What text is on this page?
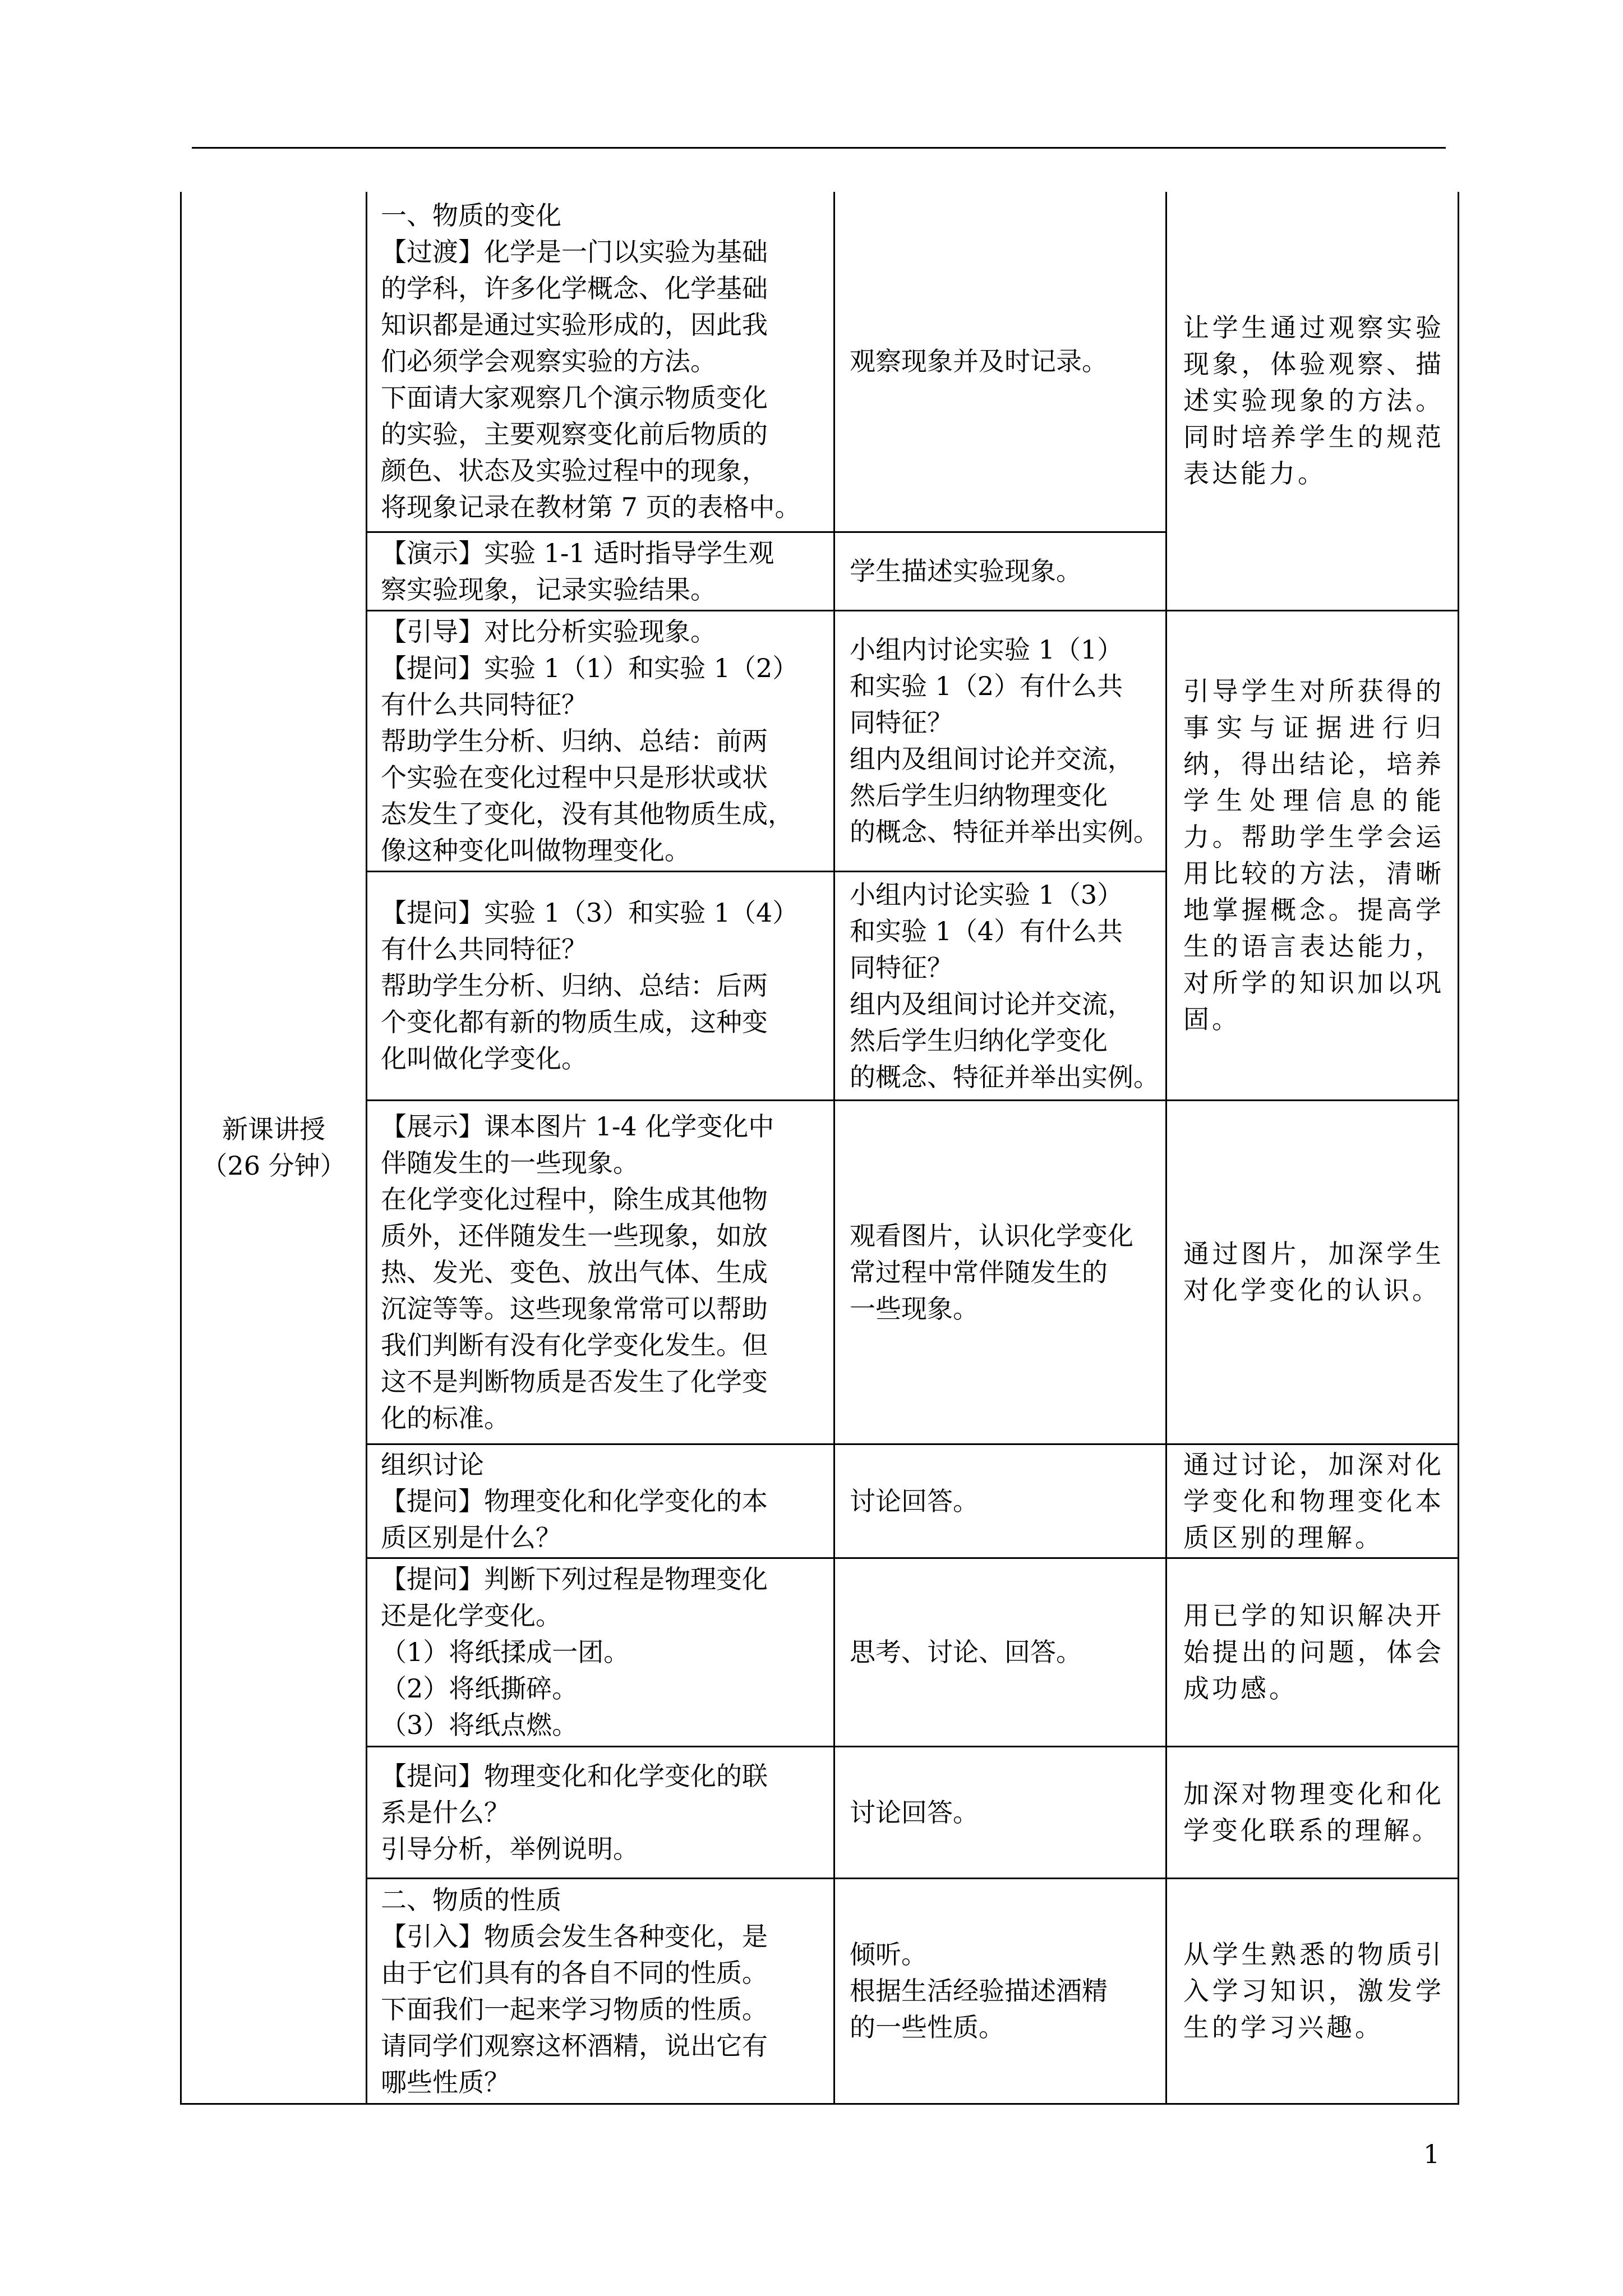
新课讲授
（26 分钟）
一、物质的变化
【过渡】化学是一门以实验为基础
的学科，许多化学概念、化学基础
知识都是通过实验形成的，因此我
们必须学会观察实验的方法。
下面请大家观察几个演示物质变化
的实验，主要观察变化前后物质的
颜色、状态及实验过程中的现象，
将现象记录在教材第 7 页的表格中。
【演示】实验 1-1 适时指导学生观
察实验现象，记录实验结果。
【引导】对比分析实验现象。
【提问】实验 1（1）和实验 1（2）
有什么共同特征？
帮助学生分析、归纳、总结：前两
个实验在变化过程中只是形状或状
态发生了变化，没有其他物质生成，
像这种变化叫做物理变化。
【提问】实验 1（3）和实验 1（4）
有什么共同特征？
帮助学生分析、归纳、总结：后两
个变化都有新的物质生成，这种变
化叫做化学变化。
【展示】课本图片 1-4 化学变化中
伴随发生的一些现象。
在化学变化过程中，除生成其他物
质外，还伴随发生一些现象，如放
热、发光、变色、放出气体、生成
沉淀等等。这些现象常常可以帮助
我们判断有没有化学变化发生。但
这不是判断物质是否发生了化学变
化的标准。
组织讨论
【提问】物理变化和化学变化的本
质区别是什么？
【提问】判断下列过程是物理变化
还是化学变化。
（1）将纸揉成一团。
（2）将纸撕碎。
（3）将纸点燃。
【提问】物理变化和化学变化的联
系是什么？
引导分析，举例说明。
二、物质的性质
【引入】物质会发生各种变化，是
由于它们具有的各自不同的性质。
下面我们一起来学习物质的性质。
请同学们观察这杯酒精，说出它有
哪些性质？
观察现象并及时记录。
学生描述实验现象。
小组内讨论实验 1（1）
和实验 1（2）有什么共
同特征？
组内及组间讨论并交流，
然后学生归纳物理变化
的概念、特征并举出实例。
小组内讨论实验 1（3）
和实验 1（4）有什么共
同特征？
组内及组间讨论并交流，
然后学生归纳化学变化
的概念、特征并举出实例。
观看图片，认识化学变化
常过程中常伴随发生的
一些现象。
讨论回答。
思考、讨论、回答。
讨论回答。
倾听。
根据生活经验描述酒精
的一些性质。
让学生通过观察实验
现象，体验观察、描
述实验现象的方法。
同时培养学生的规范
表达能力。
引导学生对所获得的
事实与证据进行归
纳，得出结论，培养
学生处理信息的能
力。帮助学生学会运
用比较的方法，清晰
地掌握概念。提高学
生的语言表达能力，
对所学的知识加以巩
固。
通过图片，加深学生
对化学变化的认识。
通过讨论，加深对化
学变化和物理变化本
质区别的理解。
用已学的知识解决开
始提出的问题，体会
成功感。
加深对物理变化和化
学变化联系的理解。
从学生熟悉的物质引
入学习知识，激发学
生的学习兴趣。
1
